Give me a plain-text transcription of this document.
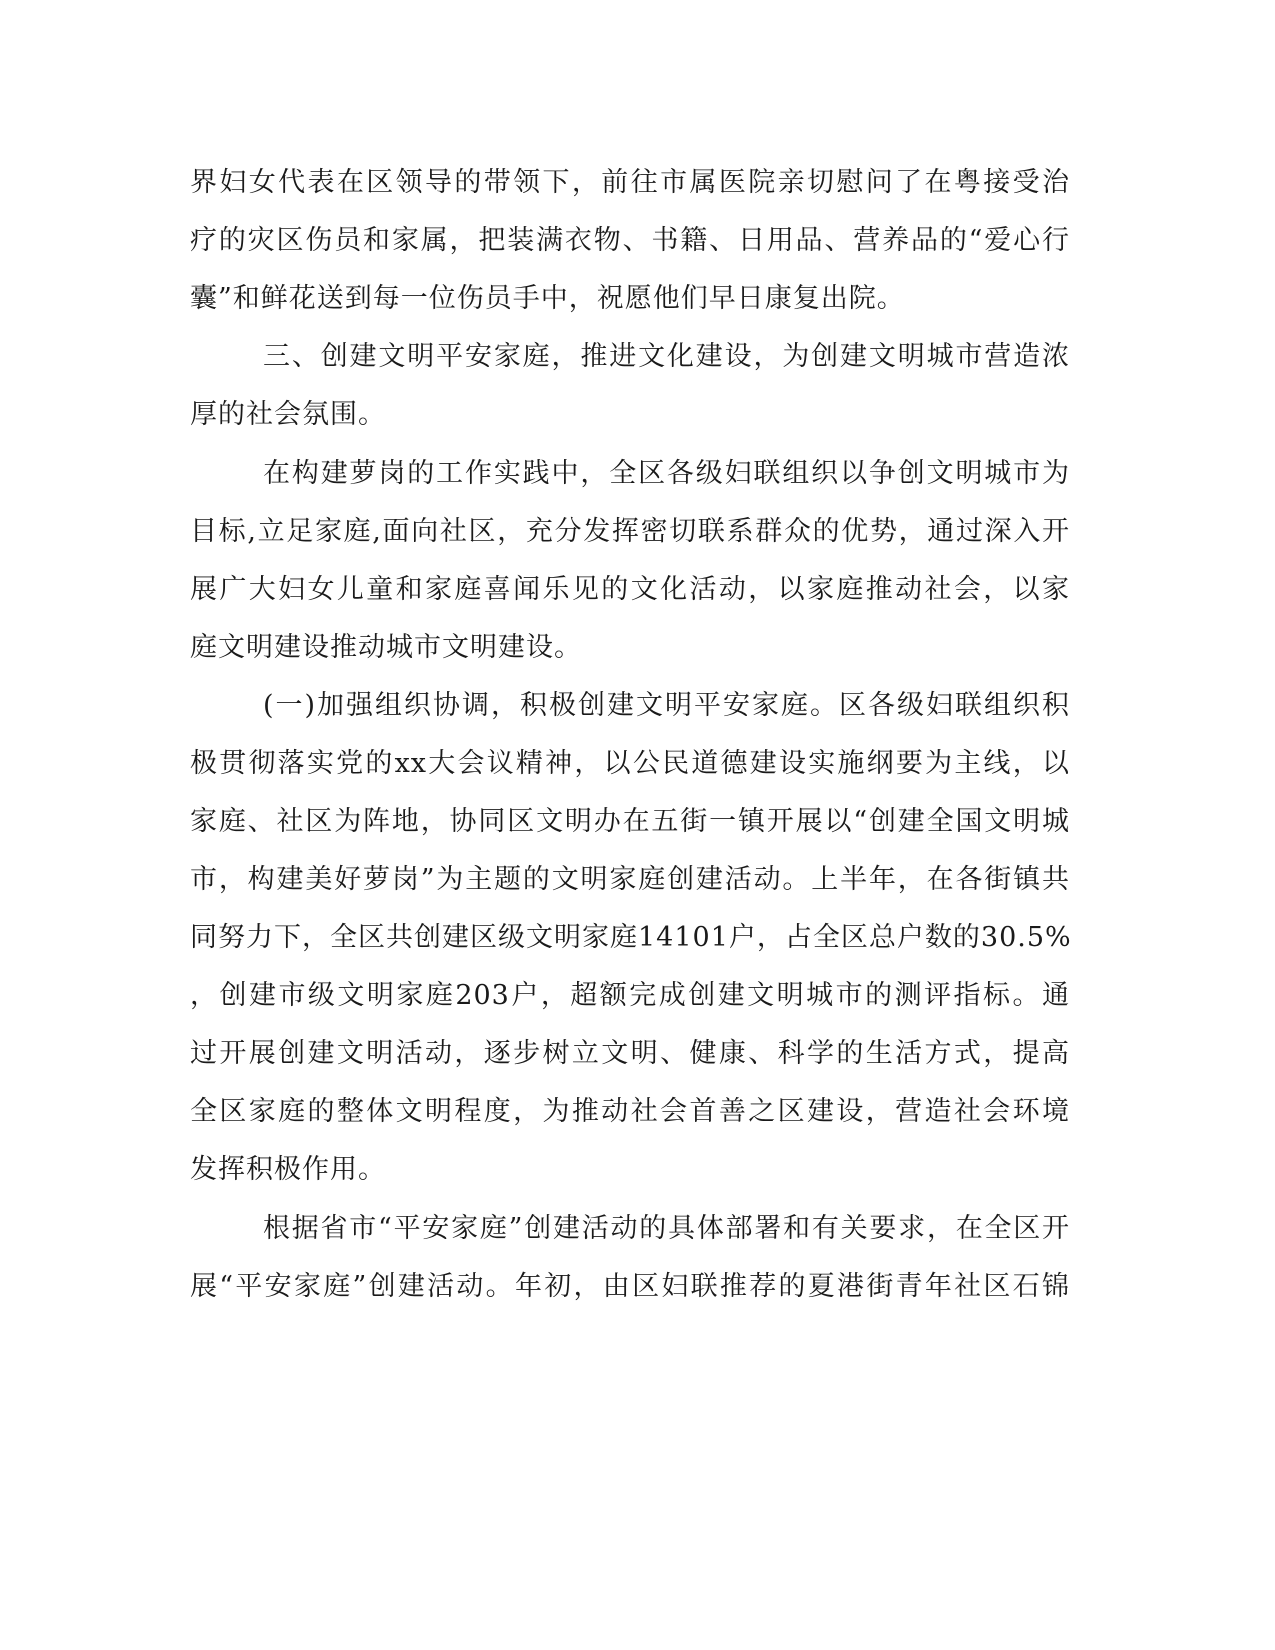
界妇女代表在区领导的带领下，前往市属医院亲切慰问了在粤接受治
疗的灾区伤员和家属，把装满衣物、书籍、日用品、营养品的“爱心行
囊”和鲜花送到每一位伤员手中，祝愿他们早日康复出院。
三、创建文明平安家庭，推进文化建设，为创建文明城市营造浓
厚的社会氛围。
在构建萝岗的工作实践中，全区各级妇联组织以争创文明城市为
目标,立足家庭,面向社区，充分发挥密切联系群众的优势，通过深入开
展广大妇女儿童和家庭喜闻乐见的文化活动，以家庭推动社会，以家
庭文明建设推动城市文明建设。
(一)加强组织协调，积极创建文明平安家庭。区各级妇联组织积
极贯彻落实党的xx大会议精神，以公民道德建设实施纲要为主线，以
家庭、社区为阵地，协同区文明办在五街一镇开展以“创建全国文明城
市，构建美好萝岗”为主题的文明家庭创建活动。上半年，在各街镇共
同努力下，全区共创建区级文明家庭14101户，占全区总户数的30.5%
，创建市级文明家庭203户，超额完成创建文明城市的测评指标。通
过开展创建文明活动，逐步树立文明、健康、科学的生活方式，提高
全区家庭的整体文明程度，为推动社会首善之区建设，营造社会环境
发挥积极作用。
根据省市“平安家庭”创建活动的具体部署和有关要求，在全区开
展“平安家庭”创建活动。年初，由区妇联推荐的夏港街青年社区石锦
